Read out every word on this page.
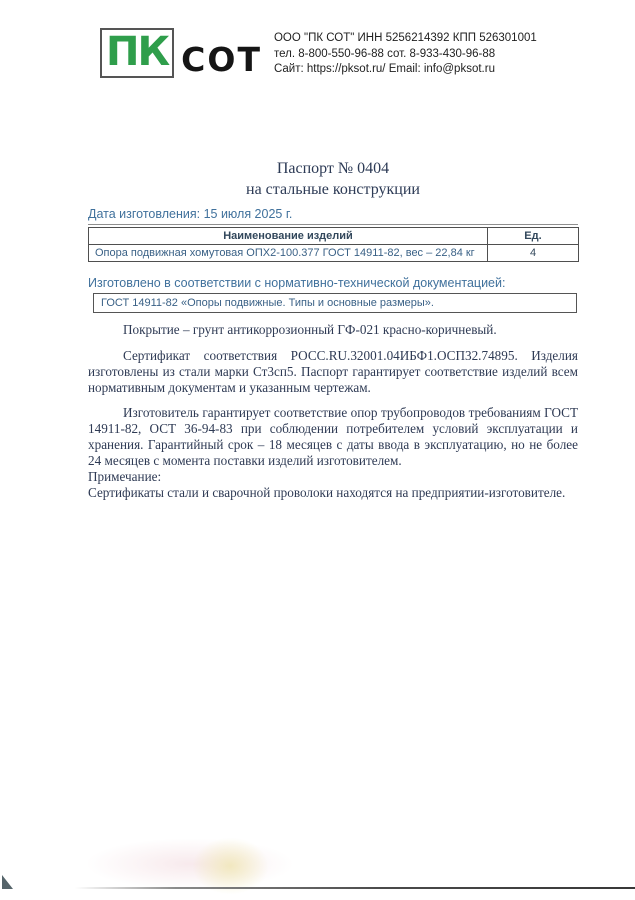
ПК СОТ
ООО "ПК СОТ" ИНН 5256214392 КПП 526301001
тел. 8-800-550-96-88 сот. 8-933-430-96-88
Сайт: https://pksot.ru/ Email: info@pksot.ru
Паспорт № 0404
на стальные конструкции
Дата изготовления: 15 июля 2025 г.
Наименование изделий	Ед.
Опора подвижная хомутовая ОПХ2-100.377 ГОСТ 14911-82, вес – 22,84 кг	4
Изготовлено в соответствии с нормативно-технической документацией:
ГОСТ 14911-82 «Опоры подвижные. Типы и основные размеры».

Покрытие – грунт антикоррозионный ГФ-021 красно-коричневый.

Сертификат соответствия РОСС.RU.32001.04ИБФ1.ОСП32.74895. Изделия изготовлены из стали марки Ст3сп5. Паспорт гарантирует соответствие изделий всем нормативным документам и указанным чертежам.

Изготовитель гарантирует соответствие опор трубопроводов требованиям ГОСТ 14911-82, ОСТ 36-94-83 при соблюдении потребителем условий эксплуатации и хранения. Гарантийный срок – 18 месяцев с даты ввода в эксплуатацию, но не более 24 месяцев с момента поставки изделий изготовителем.

Примечание:

Сертификаты стали и сварочной проволоки находятся на предприятии-изготовителе.
